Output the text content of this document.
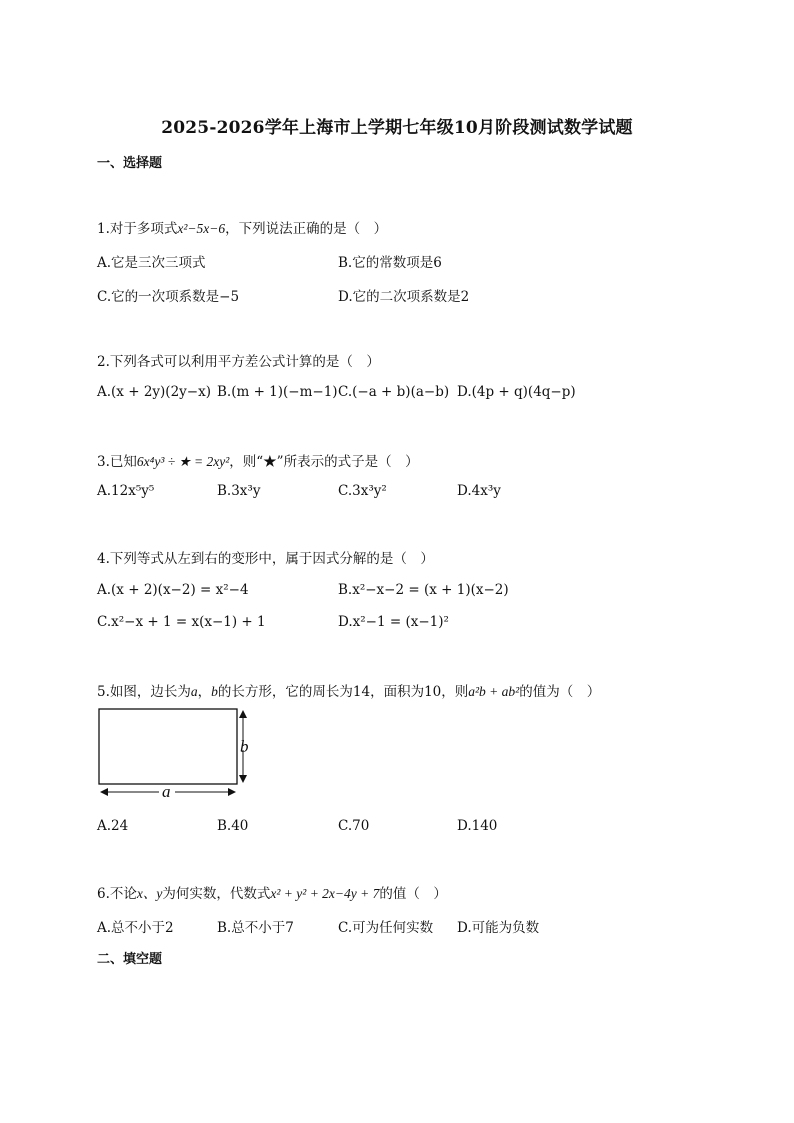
2025-2026学年上海市上学期七年级10月阶段测试数学试题
一、选择题
1.对于多项式x²−5x−6，下列说法正确的是（　）
A.它是三次三项式	B.它的常数项是6
C.它的一次项系数是−5	D.它的二次项系数是2
2.下列各式可以利用平方差公式计算的是（　）
A.(x + 2y)(2y−x) B.(m + 1)(−m−1) C.(−a + b)(a−b) D.(4p + q)(4q−p)
3.已知6x⁴y³ ÷ ★ = 2xy²，则“★”所表示的式子是（　）
A.12x⁵y⁵	B.3x³y	C.3x³y²	D.4x³y
4.下列等式从左到右的变形中，属于因式分解的是（　）
A.(x + 2)(x−2) = x²−4	B.x²−x−2 = (x + 1)(x−2)
C.x²−x + 1 = x(x−1) + 1	D.x²−1 = (x−1)²
5.如图，边长为a，b的长方形，它的周长为14，面积为10，则a²b + ab²的值为（　）
b
a
A.24	B.40	C.70	D.140
6.不论x、y为何实数，代数式x² + y² + 2x−4y + 7的值（　）
A.总不小于2	B.总不小于7	C.可为任何实数 D.可能为负数
二、填空题
